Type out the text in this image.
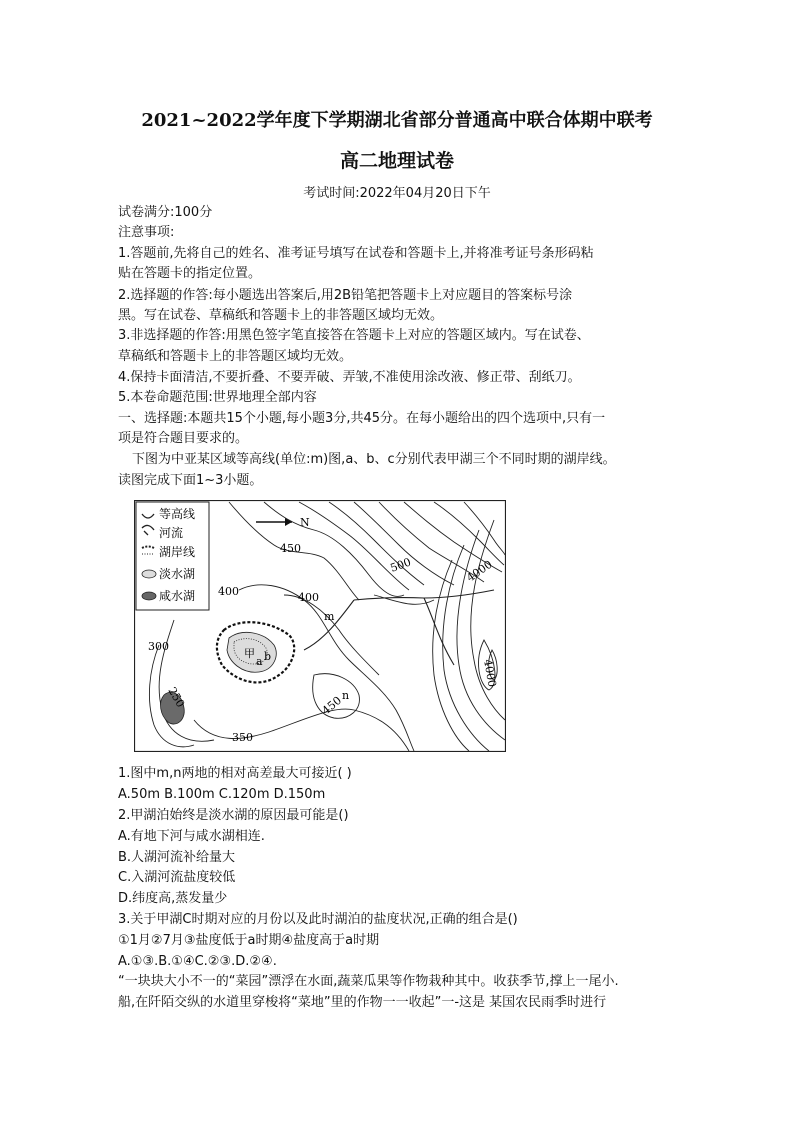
2021~2022学年度下学期湖北省部分普通高中联合体期中联考
高二地理试卷
考试时间:2022年04月20日下午
试卷满分:100分
注意事项:
1.答题前,先将自己的姓名、准考证号填写在试卷和答题卡上,并将准考证号条形码粘
贴在答题卡的指定位置。
2.选择题的作答:每小题选出答案后,用2B铅笔把答题卡上对应题目的答案标号涂
黑。写在试卷、草稿纸和答题卡上的非答题区域均无效。
3.非选择题的作答:用黑色签字笔直接答在答题卡上对应的答题区域内。写在试卷、
草稿纸和答题卡上的非答题区域均无效。
4.保持卡面清洁,不要折叠、不要弄破、弄皱,不准使用涂改液、修正带、刮纸刀。
5.本卷命题范围:世界地理全部内容
一、选择题:本题共15个小题,每小题3分,共45分。在每小题给出的四个选项中,只有一
项是符合题目要求的。
下图为中亚某区域等高线(单位:m)图,a、b、c分别代表甲湖三个不同时期的湖岸线。
读图完成下面1~3小题。
等高线
河流
湖岸线
淡水湖
咸水湖
N
450
500	4000
400	400
m
甲
a b
4000
300
250	n
450
350
1.图中m,n两地的相对高差最大可接近( )
A.50m B.100m C.120m D.150m
2.甲湖泊始终是淡水湖的原因最可能是()
A.有地下河与咸水湖相连.
B.人湖河流补给量大
C.入湖河流盐度较低
D.纬度高,蒸发量少
3.关于甲湖C时期对应的月份以及此时湖泊的盐度状况,正确的组合是()
①1月②7月③盐度低于a时期④盐度高于a时期
A.①③.B.①④C.②③.D.②④.
“一块块大小不一的“菜园”漂浮在水面,蔬菜瓜果等作物栽种其中。收获季节,撑上一尾小.
船,在阡陌交纵的水道里穿梭将“菜地”里的作物一一收起”一-这是 某国农民雨季时进行
